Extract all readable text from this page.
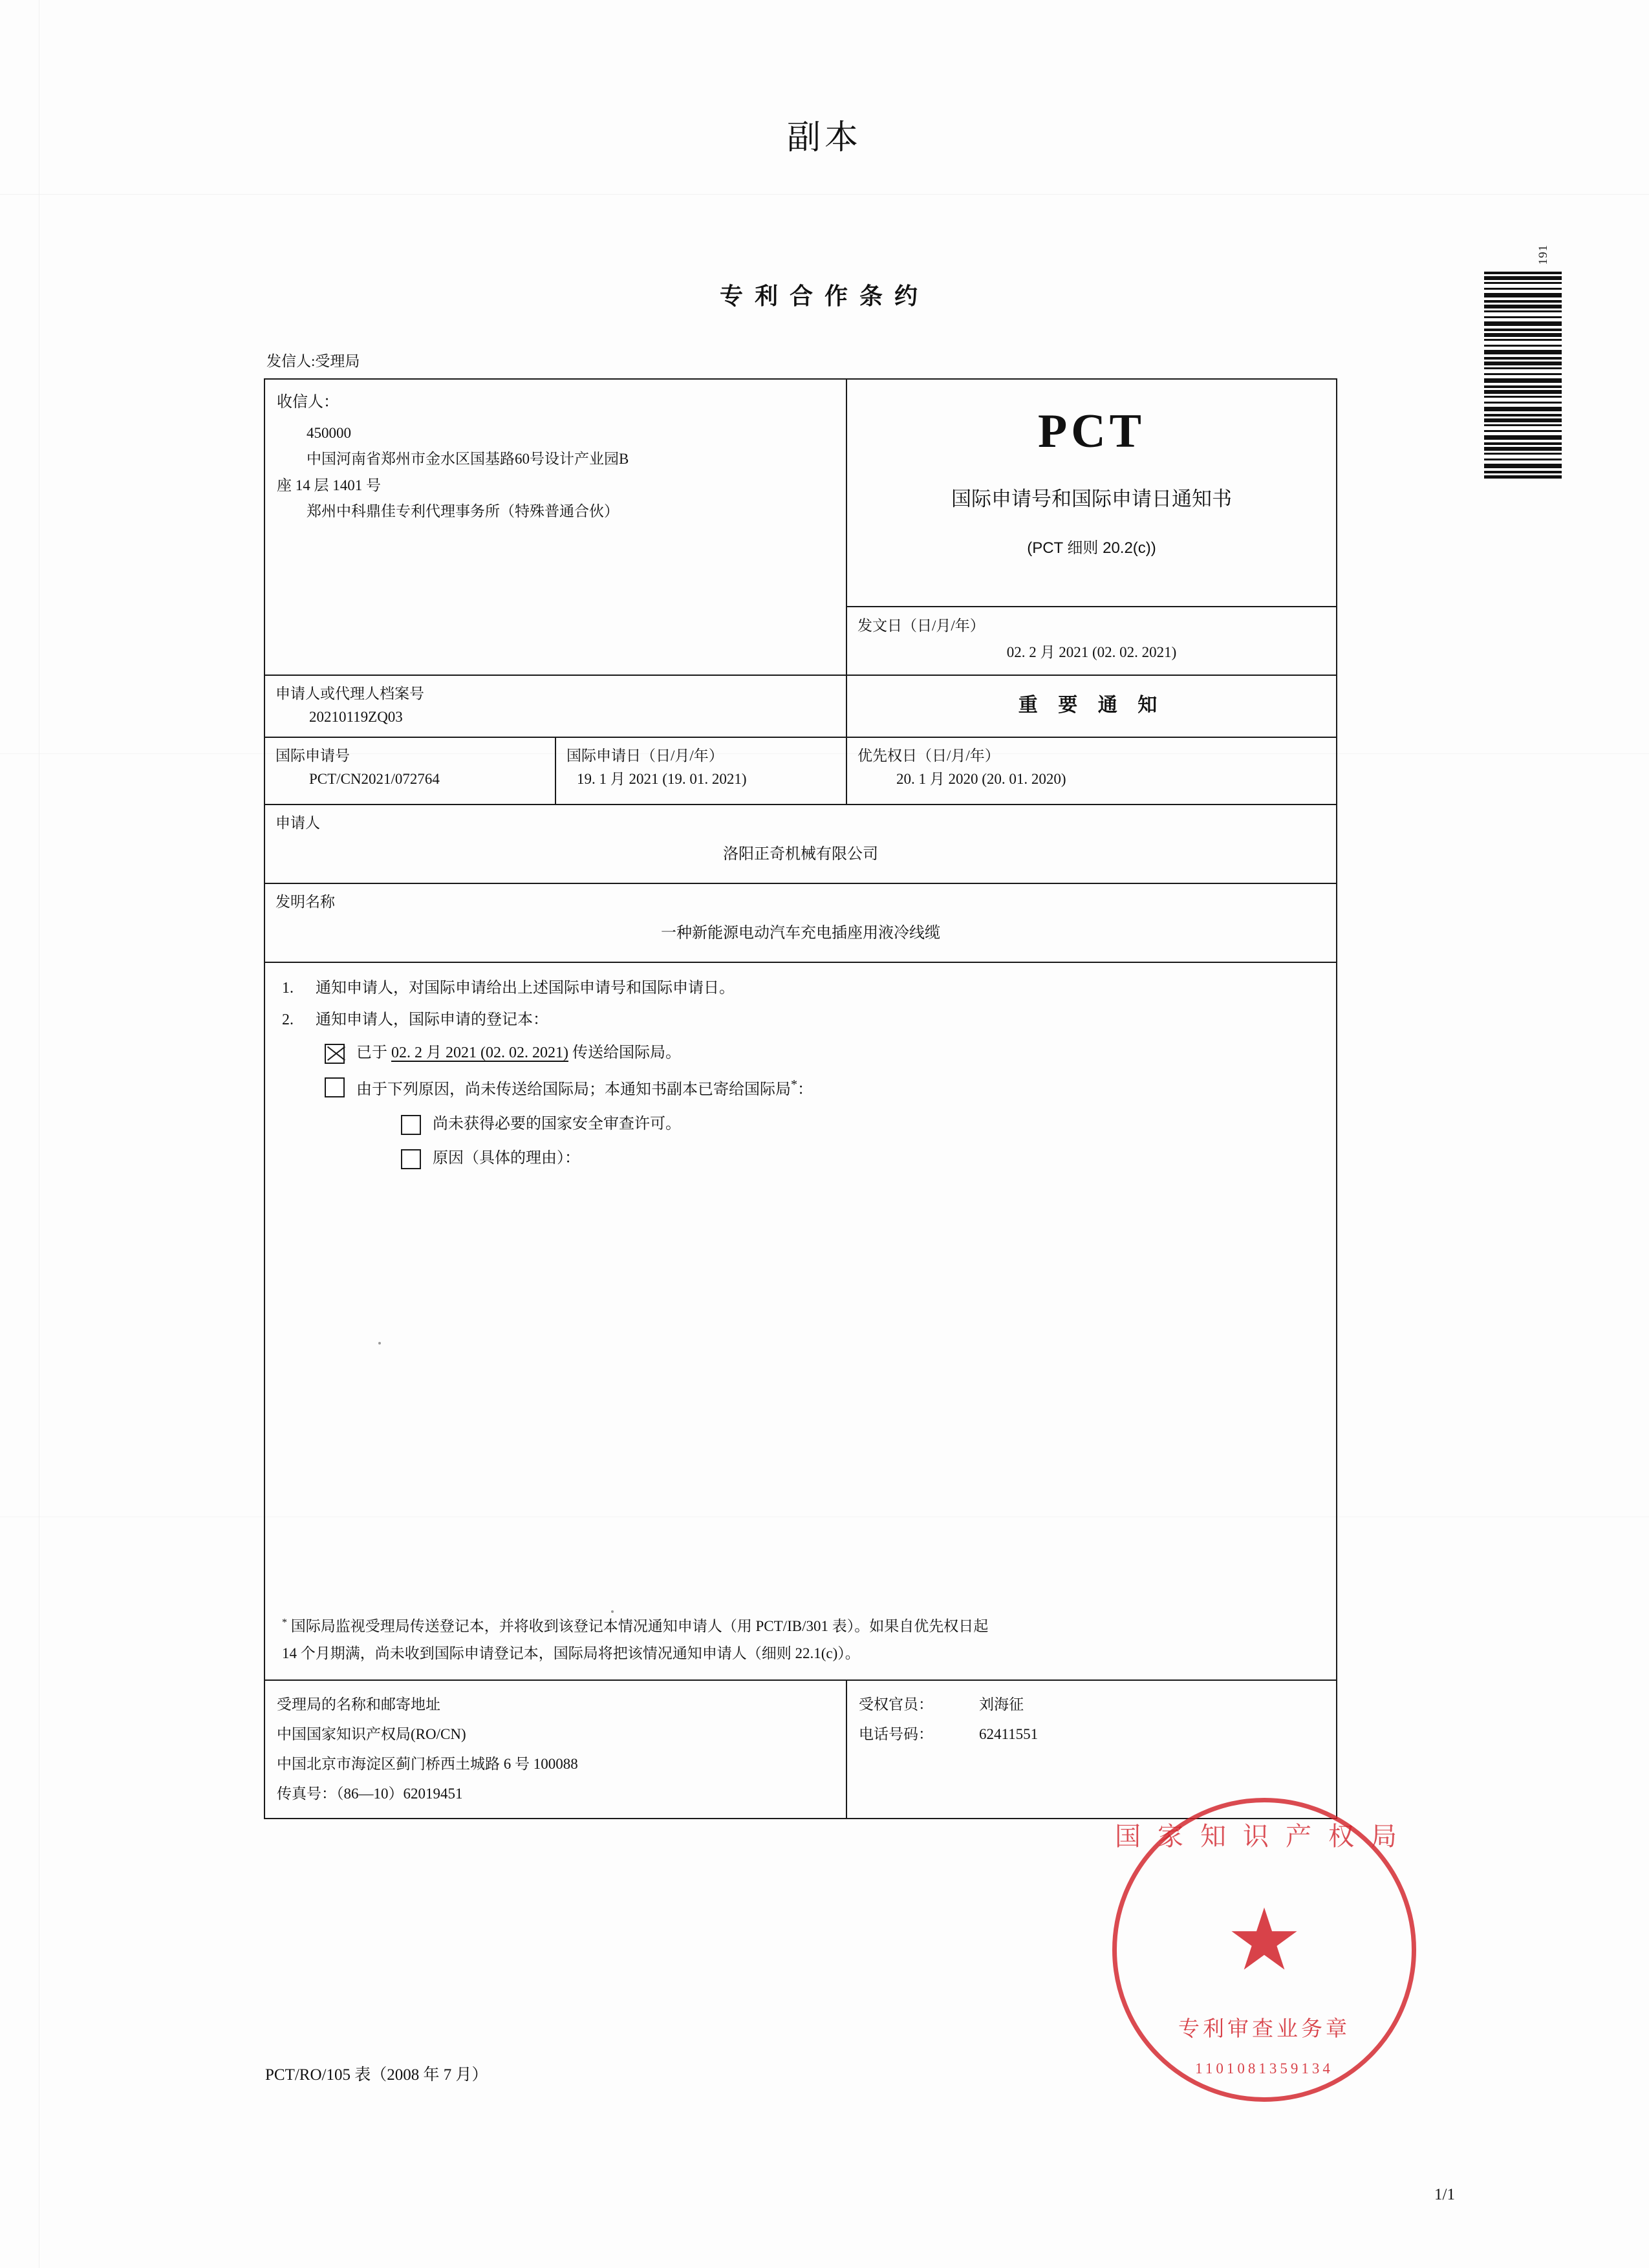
副本
专利合作条约
191
发信人:受理局
收信人：
450000
中国河南省郑州市金水区国基路60号设计产业园B
座 14 层 1401 号
郑州中科鼎佳专利代理事务所（特殊普通合伙）
PCT
国际申请号和国际申请日通知书
(PCT 细则 20.2(c))
发文日（日/月/年）
02. 2 月 2021 (02. 02. 2021)
申请人或代理人档案号
20210119ZQ03
重 要 通 知
国际申请号
PCT/CN2021/072764
国际申请日（日/月/年）
19. 1 月 2021 (19. 01. 2021)
优先权日（日/月/年）
20. 1 月 2020 (20. 01. 2020)
申请人
洛阳正奇机械有限公司
发明名称
一种新能源电动汽车充电插座用液冷线缆
1.	通知申请人，对国际申请给出上述国际申请号和国际申请日。
2.	通知申请人，国际申请的登记本：
已于 02. 2 月 2021 (02. 02. 2021) 传送给国际局。
由于下列原因，尚未传送给国际局；本通知书副本已寄给国际局*：
尚未获得必要的国家安全审查许可。
原因（具体的理由）：
* 国际局监视受理局传送登记本，并将收到该登记本情况通知申请人（用 PCT/IB/301 表）。如果自优先权日起
14 个月期满，尚未收到国际申请登记本，国际局将把该情况通知申请人（细则 22.1(c)）。
受理局的名称和邮寄地址
中国国家知识产权局(RO/CN)
中国北京市海淀区蓟门桥西土城路 6 号 100088
传真号：（86—10）62019451
受权官员：	刘海征
电话号码：	62411551
国家知识产权局
★
专利审查业务章
1101081359134
PCT/RO/105 表（2008 年 7 月）
1/1
